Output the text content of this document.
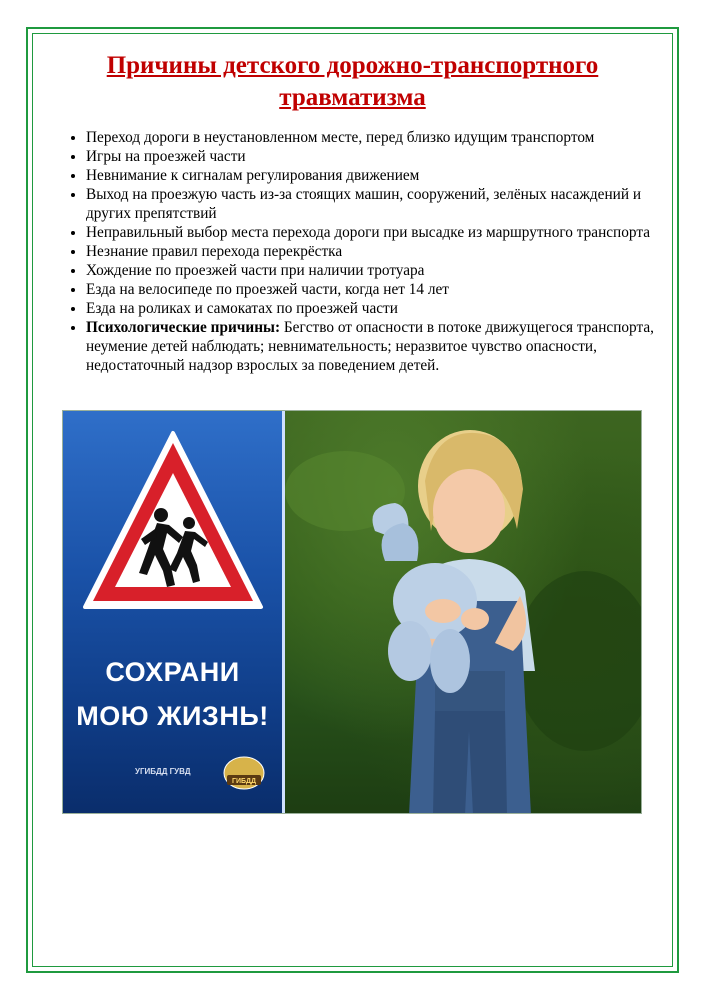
Причины детского дорожно-транспортного травматизма
• Переход дороги в неустановленном месте, перед близко идущим транспортом
• Игры на проезжей части
• Невнимание к сигналам регулирования движением
• Выход на проезжую часть из-за стоящих машин, сооружений, зелёных насаждений и других препятствий
• Неправильный выбор места перехода дороги при высадке из маршрутного транспорта
• Незнание правил перехода перекрёстка
• Хождение по проезжей части при наличии тротуара
• Езда на велосипеде по проезжей части, когда нет 14 лет
• Езда на роликах и самокатах по проезжей части
• Психологические причины: Бегство от опасности в потоке движущегося транспорта, неумение детей наблюдать; невнимательность; неразвитое чувство опасности, недостаточный надзор взрослых за поведением детей.
СОХРАНИ
МОЮ ЖИЗНЬ!
УГИБДД ГУВД
ГИБДД
